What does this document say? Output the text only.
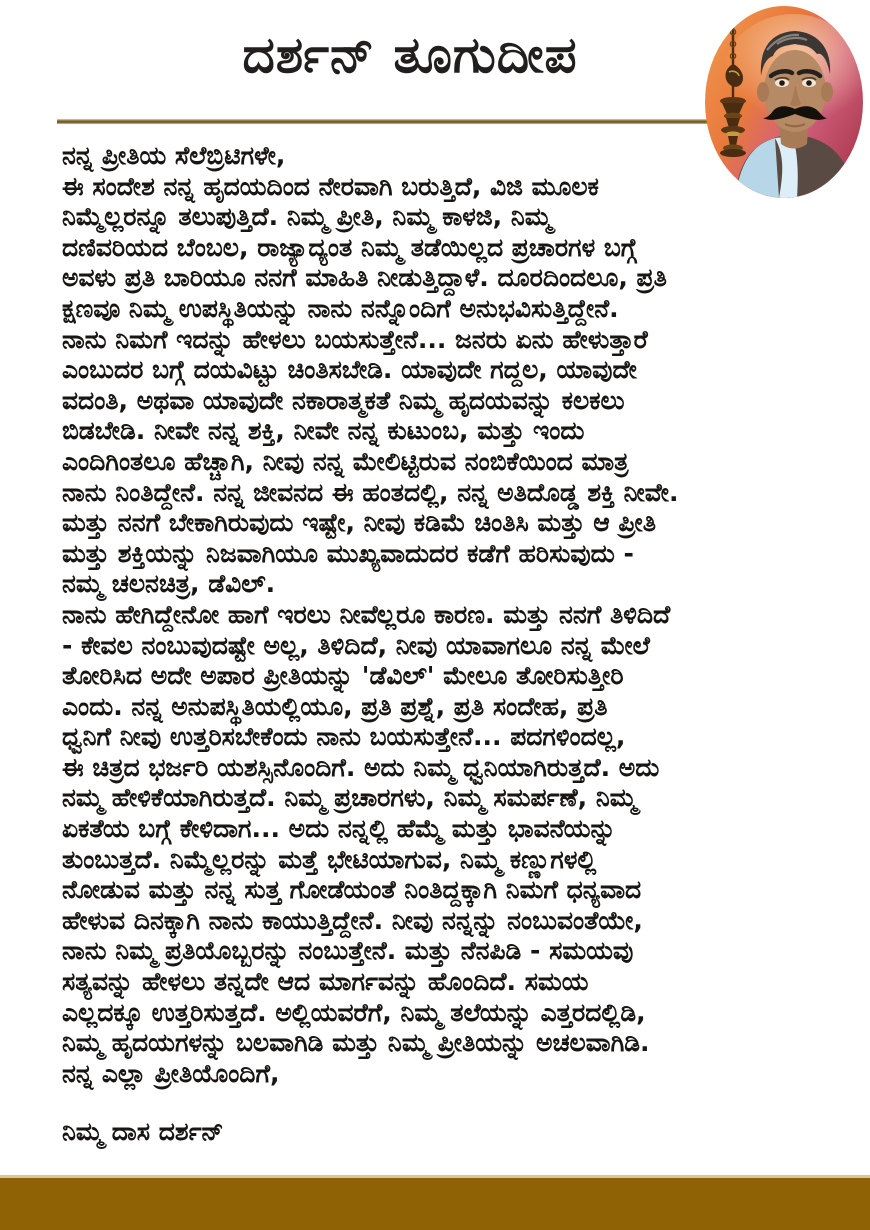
ದರ್ಶನ್ ತೂಗುದೀಪ
ನನ್ನ ಪ್ರೀತಿಯ ಸೆಲೆಬ್ರಿಟಿಗಳೇ,
ಈ ಸಂದೇಶ ನನ್ನ ಹೃದಯದಿಂದ ನೇರವಾಗಿ ಬರುತ್ತಿದೆ, ವಿಜಿ ಮೂಲಕ
ನಿಮ್ಮೆಲ್ಲರನ್ನೂ ತಲುಪುತ್ತಿದೆ. ನಿಮ್ಮ ಪ್ರೀತಿ, ನಿಮ್ಮ ಕಾಳಜಿ, ನಿಮ್ಮ
ದಣಿವರಿಯದ ಬೆಂಬಲ, ರಾಜ್ಯಾದ್ಯಂತ ನಿಮ್ಮ ತಡೆಯಿಲ್ಲದ ಪ್ರಚಾರಗಳ ಬಗ್ಗೆ
ಅವಳು ಪ್ರತಿ ಬಾರಿಯೂ ನನಗೆ ಮಾಹಿತಿ ನೀಡುತ್ತಿದ್ದಾಳೆ. ದೂರದಿಂದಲೂ, ಪ್ರತಿ
ಕ್ಷಣವೂ ನಿಮ್ಮ ಉಪಸ್ಥಿತಿಯನ್ನು ನಾನು ನನ್ನೊಂದಿಗೆ ಅನುಭವಿಸುತ್ತಿದ್ದೇನೆ.
ನಾನು ನಿಮಗೆ ಇದನ್ನು ಹೇಳಲು ಬಯಸುತ್ತೇನೆ... ಜನರು ಏನು ಹೇಳುತ್ತಾರೆ
ಎಂಬುದರ ಬಗ್ಗೆ ದಯವಿಟ್ಟು ಚಿಂತಿಸಬೇಡಿ. ಯಾವುದೇ ಗದ್ದಲ, ಯಾವುದೇ
ವದಂತಿ, ಅಥವಾ ಯಾವುದೇ ನಕಾರಾತ್ಮಕತೆ ನಿಮ್ಮ ಹೃದಯವನ್ನು ಕಲಕಲು
ಬಿಡಬೇಡಿ. ನೀವೇ ನನ್ನ ಶಕ್ತಿ, ನೀವೇ ನನ್ನ ಕುಟುಂಬ, ಮತ್ತು ಇಂದು
ಎಂದಿಗಿಂತಲೂ ಹೆಚ್ಚಾಗಿ, ನೀವು ನನ್ನ ಮೇಲಿಟ್ಟಿರುವ ನಂಬಿಕೆಯಿಂದ ಮಾತ್ರ
ನಾನು ನಿಂತಿದ್ದೇನೆ. ನನ್ನ ಜೀವನದ ಈ ಹಂತದಲ್ಲಿ, ನನ್ನ ಅತಿದೊಡ್ಡ ಶಕ್ತಿ ನೀವೇ.
ಮತ್ತು ನನಗೆ ಬೇಕಾಗಿರುವುದು ಇಷ್ಟೇ, ನೀವು ಕಡಿಮೆ ಚಿಂತಿಸಿ ಮತ್ತು ಆ ಪ್ರೀತಿ
ಮತ್ತು ಶಕ್ತಿಯನ್ನು ನಿಜವಾಗಿಯೂ ಮುಖ್ಯವಾದುದರ ಕಡೆಗೆ ಹರಿಸುವುದು -
ನಮ್ಮ ಚಲನಚಿತ್ರ, ಡೆವಿಲ್.
ನಾನು ಹೇಗಿದ್ದೇನೋ ಹಾಗೆ ಇರಲು ನೀವೆಲ್ಲರೂ ಕಾರಣ. ಮತ್ತು ನನಗೆ ತಿಳಿದಿದೆ
- ಕೇವಲ ನಂಬುವುದಷ್ಟೇ ಅಲ್ಲ, ತಿಳಿದಿದೆ, ನೀವು ಯಾವಾಗಲೂ ನನ್ನ ಮೇಲೆ
ತೋರಿಸಿದ ಅದೇ ಅಪಾರ ಪ್ರೀತಿಯನ್ನು 'ಡೆವಿಲ್' ಮೇಲೂ ತೋರಿಸುತ್ತೀರಿ
ಎಂದು. ನನ್ನ ಅನುಪಸ್ಥಿತಿಯಲ್ಲಿಯೂ, ಪ್ರತಿ ಪ್ರಶ್ನೆ, ಪ್ರತಿ ಸಂದೇಹ, ಪ್ರತಿ
ಧ್ವನಿಗೆ ನೀವು ಉತ್ತರಿಸಬೇಕೆಂದು ನಾನು ಬಯಸುತ್ತೇನೆ... ಪದಗಳಿಂದಲ್ಲ,
ಈ ಚಿತ್ರದ ಭರ್ಜರಿ ಯಶಸ್ಸಿನೊಂದಿಗೆ. ಅದು ನಿಮ್ಮ ಧ್ವನಿಯಾಗಿರುತ್ತದೆ. ಅದು
ನಮ್ಮ ಹೇಳಿಕೆಯಾಗಿರುತ್ತದೆ. ನಿಮ್ಮ ಪ್ರಚಾರಗಳು, ನಿಮ್ಮ ಸಮರ್ಪಣೆ, ನಿಮ್ಮ
ಏಕತೆಯ ಬಗ್ಗೆ ಕೇಳಿದಾಗ... ಅದು ನನ್ನಲ್ಲಿ ಹೆಮ್ಮೆ ಮತ್ತು ಭಾವನೆಯನ್ನು
ತುಂಬುತ್ತದೆ. ನಿಮ್ಮೆಲ್ಲರನ್ನು ಮತ್ತೆ ಭೇಟಿಯಾಗುವ, ನಿಮ್ಮ ಕಣ್ಣುಗಳಲ್ಲಿ
ನೋಡುವ ಮತ್ತು ನನ್ನ ಸುತ್ತ ಗೋಡೆಯಂತೆ ನಿಂತಿದ್ದಕ್ಕಾಗಿ ನಿಮಗೆ ಧನ್ಯವಾದ
ಹೇಳುವ ದಿನಕ್ಕಾಗಿ ನಾನು ಕಾಯುತ್ತಿದ್ದೇನೆ. ನೀವು ನನ್ನನ್ನು ನಂಬುವಂತೆಯೇ,
ನಾನು ನಿಮ್ಮ ಪ್ರತಿಯೊಬ್ಬರನ್ನು ನಂಬುತ್ತೇನೆ. ಮತ್ತು ನೆನಪಿಡಿ - ಸಮಯವು
ಸತ್ಯವನ್ನು ಹೇಳಲು ತನ್ನದೇ ಆದ ಮಾರ್ಗವನ್ನು ಹೊಂದಿದೆ. ಸಮಯ
ಎಲ್ಲದಕ್ಕೂ ಉತ್ತರಿಸುತ್ತದೆ. ಅಲ್ಲಿಯವರೆಗೆ, ನಿಮ್ಮ ತಲೆಯನ್ನು ಎತ್ತರದಲ್ಲಿಡಿ,
ನಿಮ್ಮ ಹೃದಯಗಳನ್ನು ಬಲವಾಗಿಡಿ ಮತ್ತು ನಿಮ್ಮ ಪ್ರೀತಿಯನ್ನು ಅಚಲವಾಗಿಡಿ.
ನನ್ನ ಎಲ್ಲಾ ಪ್ರೀತಿಯೊಂದಿಗೆ,
ನಿಮ್ಮ ದಾಸ ದರ್ಶನ್
